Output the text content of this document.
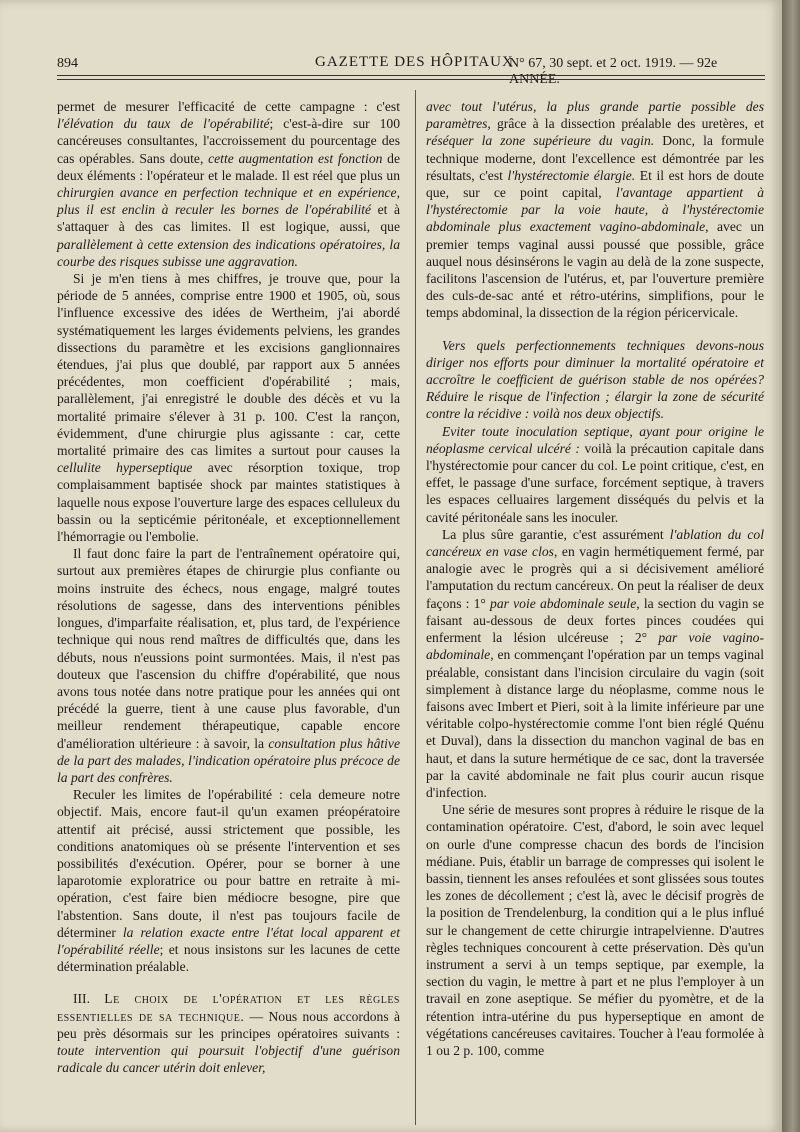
894	GAZETTE DES HÔPITAUX
N° 67, 30 sept. et 2 oct. 1919. — 92e ANNÉE.

permet de mesurer l'efficacité de cette campagne : c'est l'élévation du taux de l'opérabilité; c'est-à-dire sur 100 cancéreuses consultantes, l'accroissement du pourcentage des cas opérables. Sans doute, cette augmentation est fonction de deux éléments : l'opérateur et le malade. Il est réel que plus un chirurgien avance en perfection technique et en expérience, plus il est enclin à reculer les bornes de l'opérabilité et à s'attaquer à des cas limites. Il est logique, aussi, que parallèlement à cette extension des indications opératoires, la courbe des risques subisse une aggravation.

Si je m'en tiens à mes chiffres, je trouve que, pour la période de 5 années, comprise entre 1900 et 1905, où, sous l'influence excessive des idées de Wertheim, j'ai abordé systématiquement les larges évidements pelviens, les grandes dissections du paramètre et les excisions ganglionnaires étendues, j'ai plus que doublé, par rapport aux 5 années précédentes, mon coefficient d'opérabilité ; mais, parallèlement, j'ai enregistré le double des décès et vu la mortalité primaire s'élever à 31 p. 100. C'est la rançon, évidemment, d'une chirurgie plus agissante : car, cette mortalité primaire des cas limites a surtout pour causes la cellulite hyperseptique avec résorption toxique, trop complaisamment baptisée shock par maintes statistiques à laquelle nous expose l'ouverture large des espaces celluleux du bassin ou la septicémie péritonéale, et exceptionnellement l'hémorragie ou l'embolie.

Il faut donc faire la part de l'entraînement opératoire qui, surtout aux premières étapes de chirurgie plus confiante ou moins instruite des échecs, nous engage, malgré toutes résolutions de sagesse, dans des interventions pénibles longues, d'imparfaite réalisation, et, plus tard, de l'expérience technique qui nous rend maîtres de difficultés que, dans les débuts, nous n'eussions point surmontées. Mais, il n'est pas douteux que l'ascension du chiffre d'opérabilité, que nous avons tous notée dans notre pratique pour les années qui ont précédé la guerre, tient à une cause plus favorable, d'un meilleur rendement thérapeutique, capable encore d'amélioration ultérieure : à savoir, la consultation plus hâtive de la part des malades, l'indication opératoire plus précoce de la part des confrères.

Reculer les limites de l'opérabilité : cela demeure notre objectif. Mais, encore faut-il qu'un examen préopératoire attentif ait précisé, aussi strictement que possible, les conditions anatomiques où se présente l'intervention et ses possibilités d'exécution. Opérer, pour se borner à une laparotomie exploratrice ou pour battre en retraite à mi-opération, c'est faire bien médiocre besogne, pire que l'abstention. Sans doute, il n'est pas toujours facile de déterminer la relation exacte entre l'état local apparent et l'opérabilité réelle; et nous insistons sur les lacunes de cette détermination préalable.

III. Le choix de l'opération et les règles essentielles de sa technique. — Nous nous accordons à peu près désormais sur les principes opératoires suivants : toute intervention qui poursuit l'objectif d'une guérison radicale du cancer utérin doit enlever,

avec tout l'utérus, la plus grande partie possible des paramètres, grâce à la dissection préalable des uretères, et réséquer la zone supérieure du vagin. Donc, la formule technique moderne, dont l'excellence est démontrée par les résultats, c'est l'hystérectomie élargie. Et il est hors de doute que, sur ce point capital, l'avantage appartient à l'hystérectomie par la voie haute, à l'hystérectomie abdominale plus exactement vagino-abdominale, avec un premier temps vaginal aussi poussé que possible, grâce auquel nous désinsérons le vagin au delà de la zone suspecte, facilitons l'ascension de l'utérus, et, par l'ouverture première des culs-de-sac anté et rétro-utérins, simplifions, pour le temps abdominal, la dissection de la région péricervicale.

Vers quels perfectionnements techniques devons-nous diriger nos efforts pour diminuer la mortalité opératoire et accroître le coefficient de guérison stable de nos opérées? Réduire le risque de l'infection ; élargir la zone de sécurité contre la récidive : voilà nos deux objectifs.

Eviter toute inoculation septique, ayant pour origine le néoplasme cervical ulcéré : voilà la précaution capitale dans l'hystérectomie pour cancer du col. Le point critique, c'est, en effet, le passage d'une surface, forcément septique, à travers les espaces celluaires largement disséqués du pelvis et la cavité péritonéale sans les inoculer.

La plus sûre garantie, c'est assurément l'ablation du col cancéreux en vase clos, en vagin hermétiquement fermé, par analogie avec le progrès qui a si décisivement amélioré l'amputation du rectum cancéreux. On peut la réaliser de deux façons : 1° par voie abdominale seule, la section du vagin se faisant au-dessous de deux fortes pinces coudées qui enferment la lésion ulcéreuse ; 2° par voie vagino-abdominale, en commençant l'opération par un temps vaginal préalable, consistant dans l'incision circulaire du vagin (soit simplement à distance large du néoplasme, comme nous le faisons avec Imbert et Pieri, soit à la limite inférieure par une véritable colpo-hystérectomie comme l'ont bien réglé Quénu et Duval), dans la dissection du manchon vaginal de bas en haut, et dans la suture hermétique de ce sac, dont la traversée par la cavité abdominale ne fait plus courir aucun risque d'infection.

Une série de mesures sont propres à réduire le risque de la contamination opératoire. C'est, d'abord, le soin avec lequel on ourle d'une compresse chacun des bords de l'incision médiane. Puis, établir un barrage de compresses qui isolent le bassin, tiennent les anses refoulées et sont glissées sous toutes les zones de décollement ; c'est là, avec le décisif progrès de la position de Trendelenburg, la condition qui a le plus influé sur le changement de cette chirurgie intrapelvienne. D'autres règles techniques concourent à cette préservation. Dès qu'un instrument a servi à un temps septique, par exemple, la section du vagin, le mettre à part et ne plus l'employer à un travail en zone aseptique. Se méfier du pyomètre, et de la rétention intra-utérine du pus hyperseptique en amont de végétations cancéreuses cavitaires. Toucher à l'eau formolée à 1 ou 2 p. 100, comme
